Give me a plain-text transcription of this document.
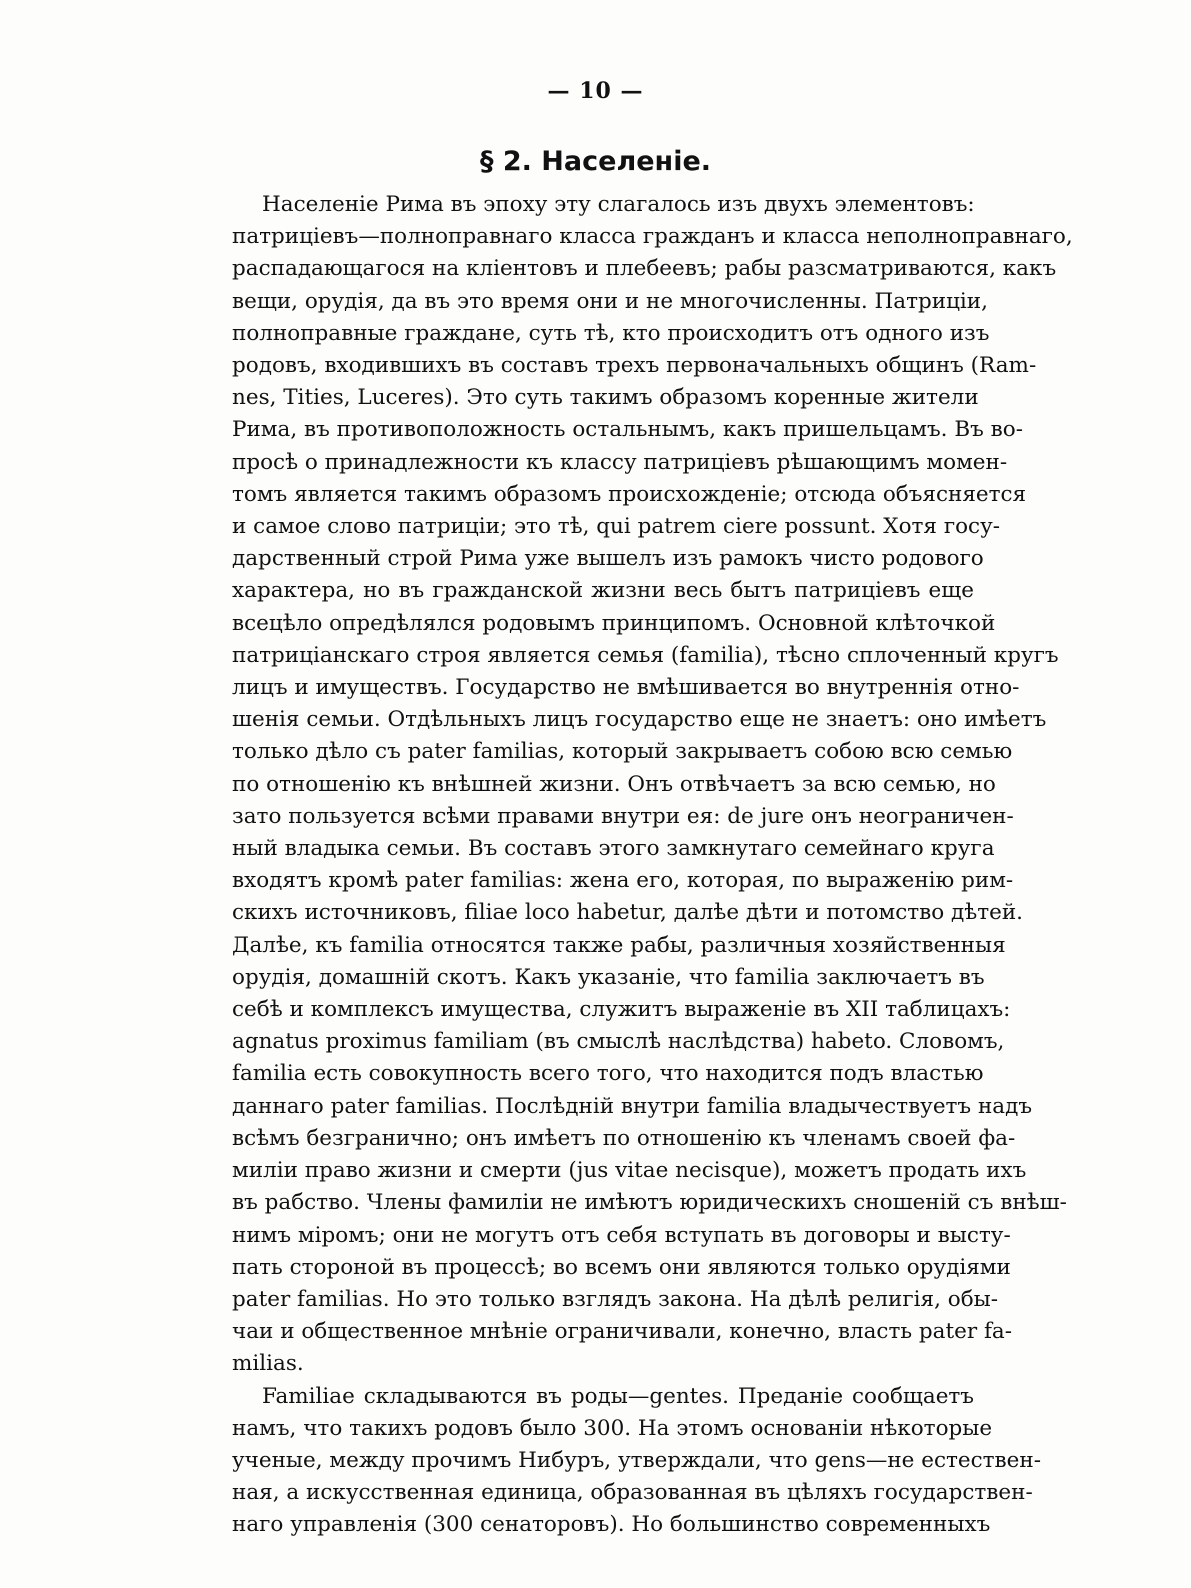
— 10 —
§ 2. Населеніе.
Населеніе Рима въ эпоху эту слагалось изъ двухъ элементовъ:
патриціевъ—полноправнаго класса гражданъ и класса неполноправнаго,
распадающагося на кліентовъ и плебеевъ; рабы разсматриваются, какъ
вещи, орудія, да въ это время они и не многочисленны. Патриціи,
полноправные граждане, суть тѣ, кто происходитъ отъ одного изъ
родовъ, входившихъ въ составъ трехъ первоначальныхъ общинъ (Ram-
nes, Tities, Luceres). Это суть такимъ образомъ коренные жители
Рима, въ противоположность остальнымъ, какъ пришельцамъ. Въ во-
просѣ о принадлежности къ классу патриціевъ рѣшающимъ момен-
томъ является такимъ образомъ происхожденіе; отсюда объясняется
и самое слово патриціи; это тѣ, qui patrem ciere possunt. Хотя госу-
дарственный строй Рима уже вышелъ изъ рамокъ чисто родового
характера, но въ гражданской жизни весь бытъ патриціевъ еще
всецѣло опредѣлялся родовымъ принципомъ. Основной клѣточкой
патриціанскаго строя является семья (familia), тѣсно сплоченный кругъ
лицъ и имуществъ. Государство не вмѣшивается во внутреннія отно-
шенія семьи. Отдѣльныхъ лицъ государство еще не знаетъ: оно имѣетъ
только дѣло съ pater familias, который закрываетъ собою всю семью
по отношенію къ внѣшней жизни. Онъ отвѣчаетъ за всю семью, но
зато пользуется всѣми правами внутри ея: de jure онъ неограничен-
ный владыка семьи. Въ составъ этого замкнутаго семейнаго круга
входятъ кромѣ pater familias: жена его, которая, по выраженію рим-
скихъ источниковъ, filiae loco habetur, далѣе дѣти и потомство дѣтей.
Далѣе, къ familia относятся также рабы, различныя хозяйственныя
орудія, домашній скотъ. Какъ указаніе, что familia заключаетъ въ
себѣ и комплексъ имущества, служитъ выраженіе въ XII таблицахъ:
agnatus proximus familiam (въ смыслѣ наслѣдства) habeto. Словомъ,
familia есть совокупность всего того, что находится подъ властью
даннаго pater familias. Послѣдній внутри familia владычествуетъ надъ
всѣмъ безгранично; онъ имѣетъ по отношенію къ членамъ своей фа-
миліи право жизни и смерти (jus vitae necisque), можетъ продать ихъ
въ рабство. Члены фамиліи не имѣютъ юридическихъ сношеній съ внѣш-
нимъ міромъ; они не могутъ отъ себя вступать въ договоры и высту-
пать стороной въ процессѣ; во всемъ они являются только орудіями
pater familias. Но это только взглядъ закона. На дѣлѣ религія, обы-
чаи и общественное мнѣніе ограничивали, конечно, власть pater fa-
milias.
Familiae складываются въ роды—gentes. Преданіе сообщаетъ
намъ, что такихъ родовъ было 300. На этомъ основаніи нѣкоторые
ученые, между прочимъ Нибуръ, утверждали, что gens—не естествен-
ная, а искусственная единица, образованная въ цѣляхъ государствен-
наго управленія (300 сенаторовъ). Но большинство современныхъ
